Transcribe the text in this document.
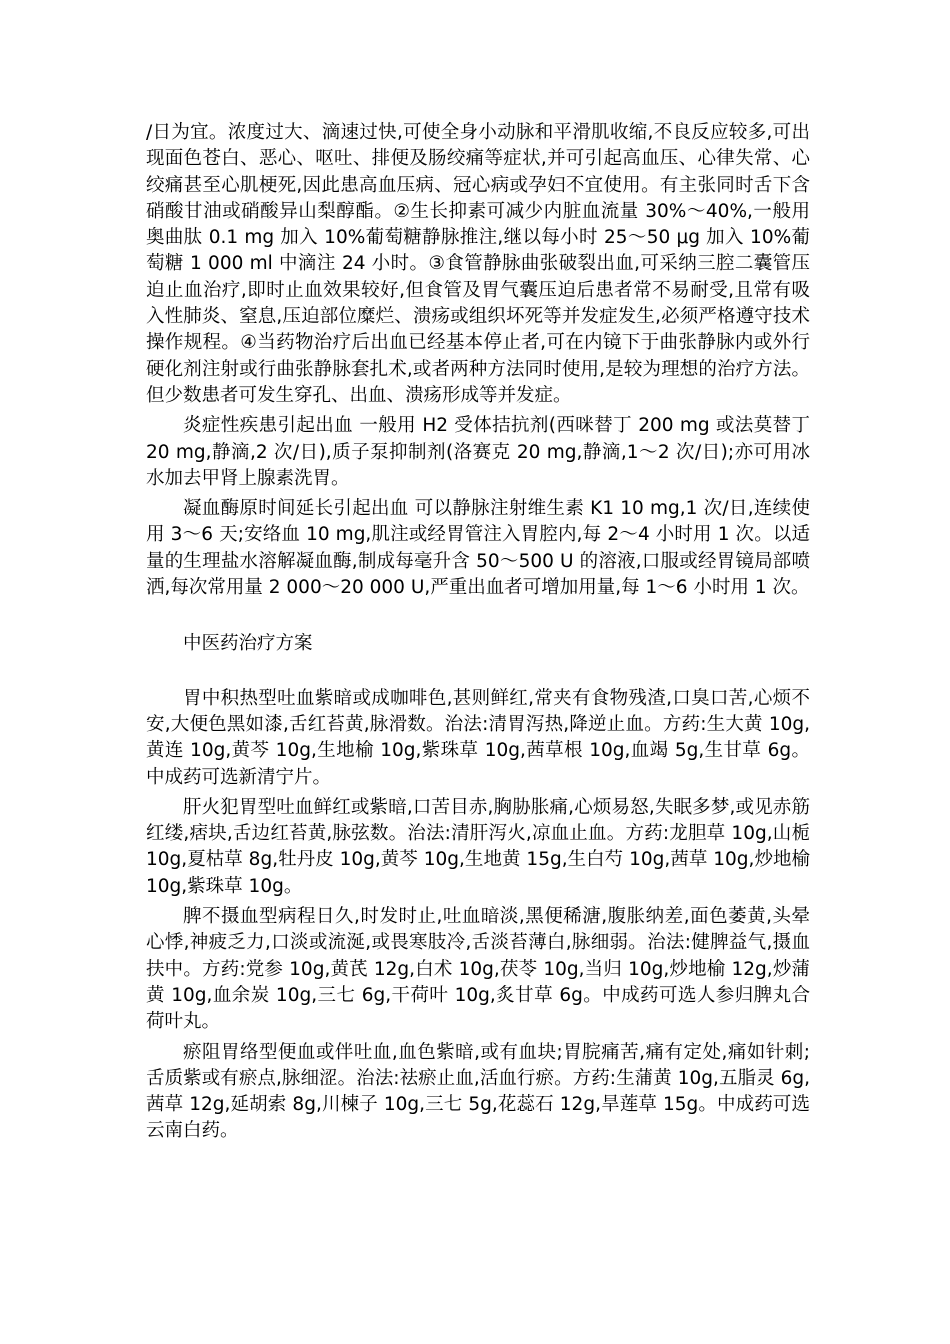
/日为宜。浓度过大、滴速过快,可使全身小动脉和平滑肌收缩,不良反应较多,可出现面色苍白、恶心、呕吐、排便及肠绞痛等症状,并可引起高血压、心律失常、心绞痛甚至心肌梗死,因此患高血压病、冠心病或孕妇不宜使用。有主张同时舌下含硝酸甘油或硝酸异山梨醇酯。②生长抑素可减少内脏血流量 30%～40%,一般用奥曲肽 0.1 mg 加入 10%葡萄糖静脉推注,继以每小时 25～50 μg 加入 10%葡萄糖 1 000 ml 中滴注 24 小时。③食管静脉曲张破裂出血,可采纳三腔二囊管压迫止血治疗,即时止血效果较好,但食管及胃气囊压迫后患者常不易耐受,且常有吸入性肺炎、窒息,压迫部位糜烂、溃疡或组织坏死等并发症发生,必须严格遵守技术操作规程。④当药物治疗后出血已经基本停止者,可在内镜下于曲张静脉内或外行硬化剂注射或行曲张静脉套扎术,或者两种方法同时使用,是较为理想的治疗方法。但少数患者可发生穿孔、出血、溃疡形成等并发症。

炎症性疾患引起出血 一般用 H2 受体拮抗剂(西咪替丁 200 mg 或法莫替丁 20 mg,静滴,2 次/日),质子泵抑制剂(洛赛克 20 mg,静滴,1～2 次/日);亦可用冰水加去甲肾上腺素洗胃。

凝血酶原时间延长引起出血 可以静脉注射维生素 K1 10 mg,1 次/日,连续使用 3～6 天;安络血 10 mg,肌注或经胃管注入胃腔内,每 2～4 小时用 1 次。以适量的生理盐水溶解凝血酶,制成每毫升含 50～500 U 的溶液,口服或经胃镜局部喷洒,每次常用量 2 000～20 000 U,严重出血者可增加用量,每 1～6 小时用 1 次。

中医药治疗方案

胃中积热型吐血紫暗或成咖啡色,甚则鲜红,常夹有食物残渣,口臭口苦,心烦不安,大便色黑如漆,舌红苔黄,脉滑数。治法:清胃泻热,降逆止血。方药:生大黄 10g,黄连 10g,黄芩 10g,生地榆 10g,紫珠草 10g,茜草根 10g,血竭 5g,生甘草 6g。中成药可选新清宁片。

肝火犯胃型吐血鲜红或紫暗,口苦目赤,胸胁胀痛,心烦易怒,失眠多梦,或见赤筋红缕,痞块,舌边红苔黄,脉弦数。治法:清肝泻火,凉血止血。方药:龙胆草 10g,山栀 10g,夏枯草 8g,牡丹皮 10g,黄芩 10g,生地黄 15g,生白芍 10g,茜草 10g,炒地榆 10g,紫珠草 10g。

脾不摄血型病程日久,时发时止,吐血暗淡,黑便稀溏,腹胀纳差,面色萎黄,头晕心悸,神疲乏力,口淡或流涎,或畏寒肢冷,舌淡苔薄白,脉细弱。治法:健脾益气,摄血扶中。方药:党参 10g,黄芪 12g,白术 10g,茯苓 10g,当归 10g,炒地榆 12g,炒蒲黄 10g,血余炭 10g,三七 6g,干荷叶 10g,炙甘草 6g。中成药可选人参归脾丸合荷叶丸。

瘀阻胃络型便血或伴吐血,血色紫暗,或有血块;胃脘痛苦,痛有定处,痛如针刺;舌质紫或有瘀点,脉细涩。治法:祛瘀止血,活血行瘀。方药:生蒲黄 10g,五脂灵 6g,茜草 12g,延胡索 8g,川楝子 10g,三七 5g,花蕊石 12g,旱莲草 15g。中成药可选云南白药。
